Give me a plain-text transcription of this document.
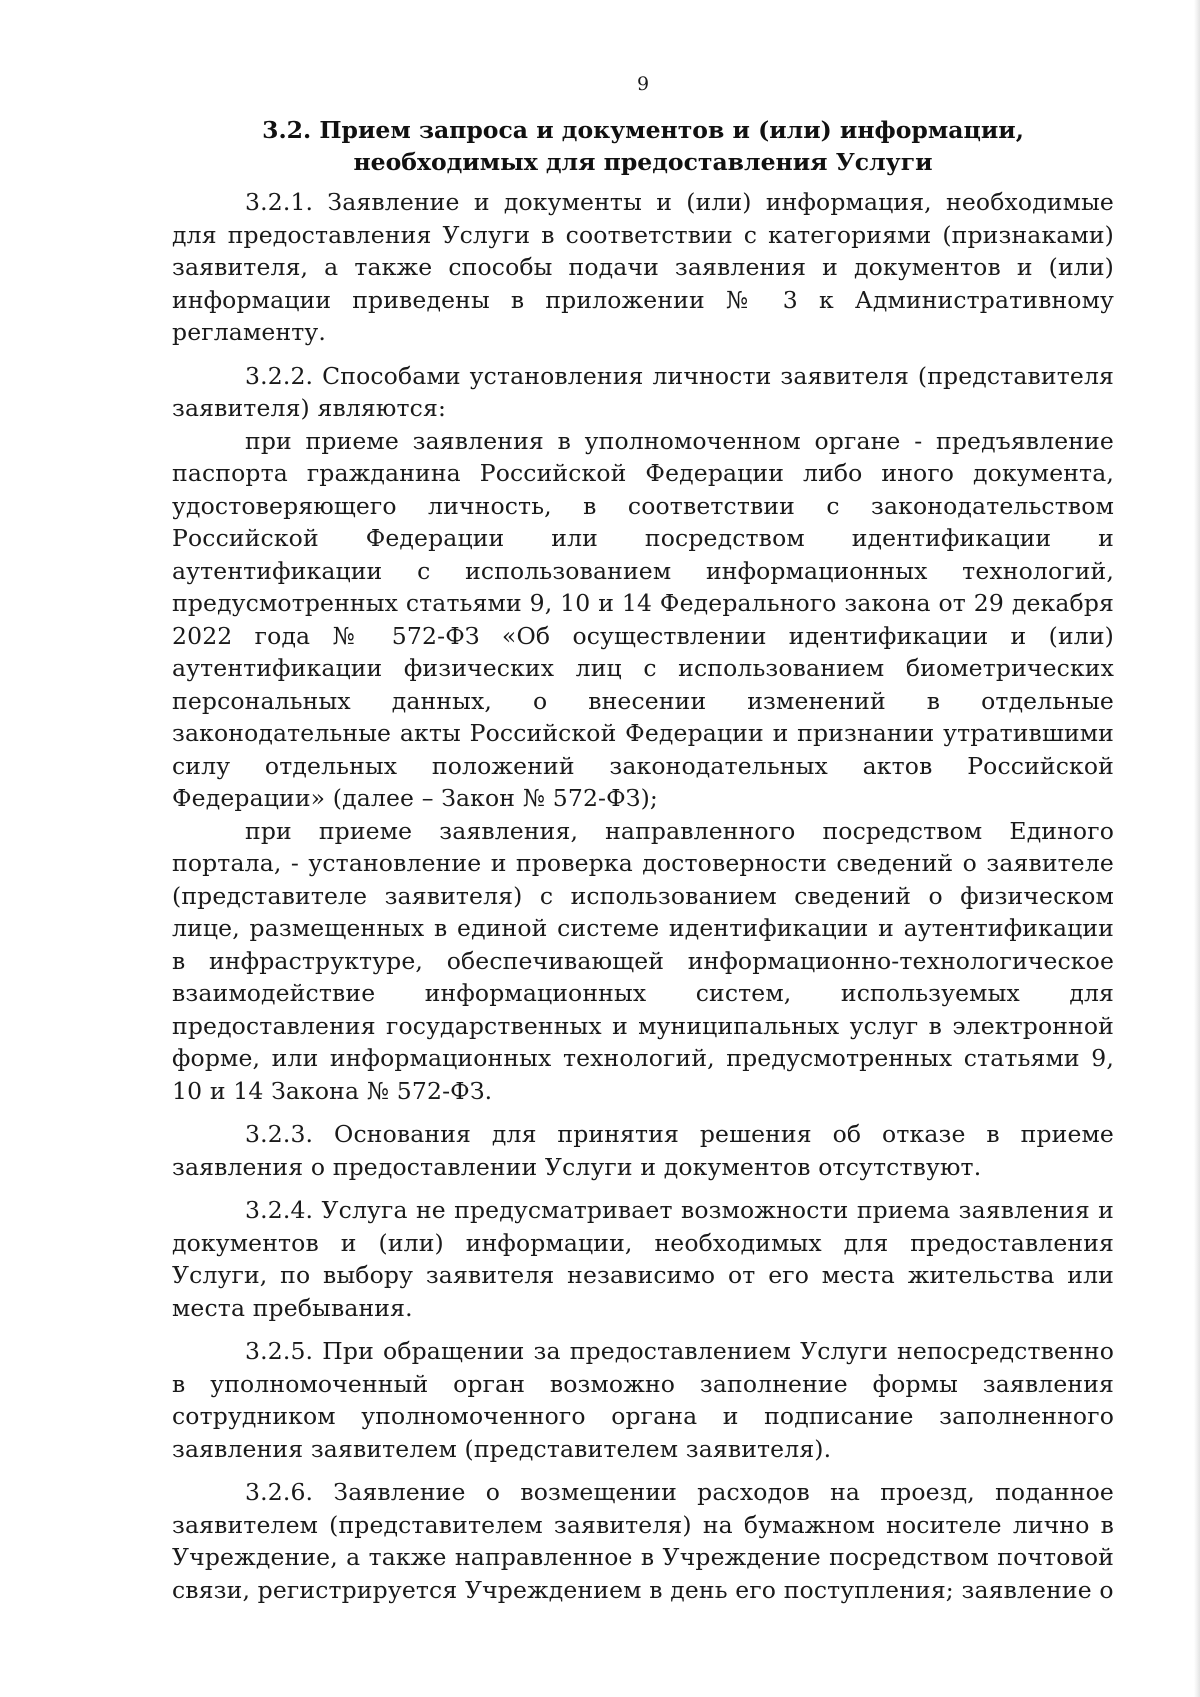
9
3.2. Прием запроса и документов и (или) информации, необходимых для предоставления Услуги

3.2.1. Заявление и документы и (или) информация, необходимые для предоставления Услуги в соответствии с категориями (признаками) заявителя, а также способы подачи заявления и документов и (или) информации приведены в приложении № 3 к Административному регламенту.

3.2.2. Способами установления личности заявителя (представителя заявителя) являются:

при приеме заявления в уполномоченном органе - предъявление паспорта гражданина Российской Федерации либо иного документа, удостоверяющего личность, в соответствии с законодательством Российской Федерации или посредством идентификации и аутентификации с использованием информационных технологий, предусмотренных статьями 9, 10 и 14 Федерального закона от 29 декабря 2022 года № 572-ФЗ «Об осуществлении идентификации и (или) аутентификации физических лиц с использованием биометрических персональных данных, о внесении изменений в отдельные законодательные акты Российской Федерации и признании утратившими силу отдельных положений законодательных актов Российской Федерации» (далее – Закон № 572-ФЗ);

при приеме заявления, направленного посредством Единого портала, - установление и проверка достоверности сведений о заявителе (представителе заявителя) с использованием сведений о физическом лице, размещенных в единой системе идентификации и аутентификации в инфраструктуре, обеспечивающей информационно-технологическое взаимодействие информационных систем, используемых для предоставления государственных и муниципальных услуг в электронной форме, или информационных технологий, предусмотренных статьями 9, 10 и 14 Закона № 572-ФЗ.

3.2.3. Основания для принятия решения об отказе в приеме заявления о предоставлении Услуги и документов отсутствуют.

3.2.4. Услуга не предусматривает возможности приема заявления и документов и (или) информации, необходимых для предоставления Услуги, по выбору заявителя независимо от его места жительства или места пребывания.

3.2.5. При обращении за предоставлением Услуги непосредственно в уполномоченный орган возможно заполнение формы заявления сотрудником уполномоченного органа и подписание заполненного заявления заявителем (представителем заявителя).

3.2.6. Заявление о возмещении расходов на проезд, поданное заявителем (представителем заявителя) на бумажном носителе лично в Учреждение, а также направленное в Учреждение посредством почтовой связи, регистрируется Учреждением в день его поступления; заявление о
